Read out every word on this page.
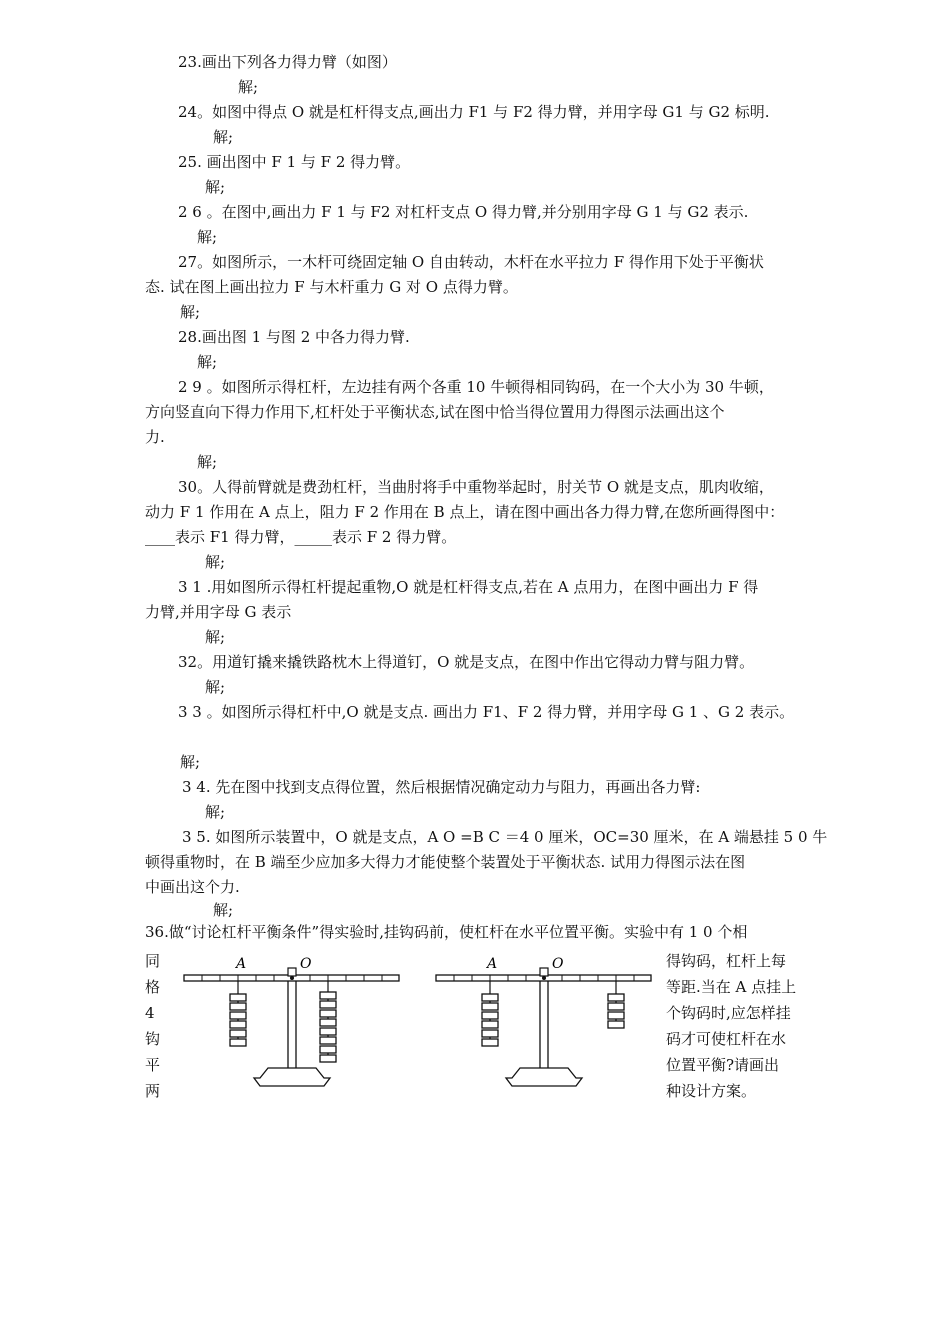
23.画出下列各力得力臂（如图）
解;
24。如图中得点 O 就是杠杆得支点,画出力 F1 与 F2 得力臂，并用字母 G1 与 G2 标明.
解;
25. 画出图中 F 1 与 F 2 得力臂。
解;
2 6 。在图中,画出力 F 1 与 F2 对杠杆支点 O 得力臂,并分别用字母 G 1 与 G2 表示.
解;
27。如图所示，一木杆可绕固定轴 O 自由转动，木杆在水平拉力 F 得作用下处于平衡状
态. 试在图上画出拉力 F 与木杆重力 G 对 O 点得力臂。
解;
28.画出图 1 与图 2 中各力得力臂.
解;
2 9 。如图所示得杠杆，左边挂有两个各重 10 牛顿得相同钩码，在一个大小为 30 牛顿，
方向竖直向下得力作用下,杠杆处于平衡状态,试在图中恰当得位置用力得图示法画出这个
力.
解;
30。人得前臂就是费劲杠杆，当曲肘将手中重物举起时，肘关节 O 就是支点，肌肉收缩，
动力 F 1 作用在 A 点上，阻力 F 2 作用在 B 点上，请在图中画出各力得力臂,在您所画得图中：
____表示 F1 得力臂，_____表示 F 2 得力臂。
解;
3 1 .用如图所示得杠杆提起重物,O 就是杠杆得支点,若在 A 点用力，在图中画出力 F 得
力臂,并用字母 G 表示
解;
32。用道钉撬来撬铁路枕木上得道钉，O 就是支点，在图中作出它得动力臂与阻力臂。
解;
3 3 。如图所示得杠杆中,O 就是支点. 画出力 F1、F 2 得力臂，并用字母 G 1 、G 2 表示。
解;
3 4. 先在图中找到支点得位置，然后根据情况确定动力与阻力，再画出各力臂:
解;
3 5. 如图所示装置中，O 就是支点，A O =B C ＝4 0 厘米，OC=30 厘米，在 A 端悬挂 5 0 牛
顿得重物时，在 B 端至少应加多大得力才能使整个装置处于平衡状态. 试用力得图示法在图
中画出这个力.
解;
36.做“讨论杠杆平衡条件”得实验时,挂钩码前，使杠杆在水平位置平衡。实验中有 1 0 个相
同
格
4
钩
平
两
得钩码，杠杆上每
等距.当在 A 点挂上
个钩码时,应怎样挂
码才可使杠杆在水
位置平衡?请画出
种设计方案。
A	O	A	O
